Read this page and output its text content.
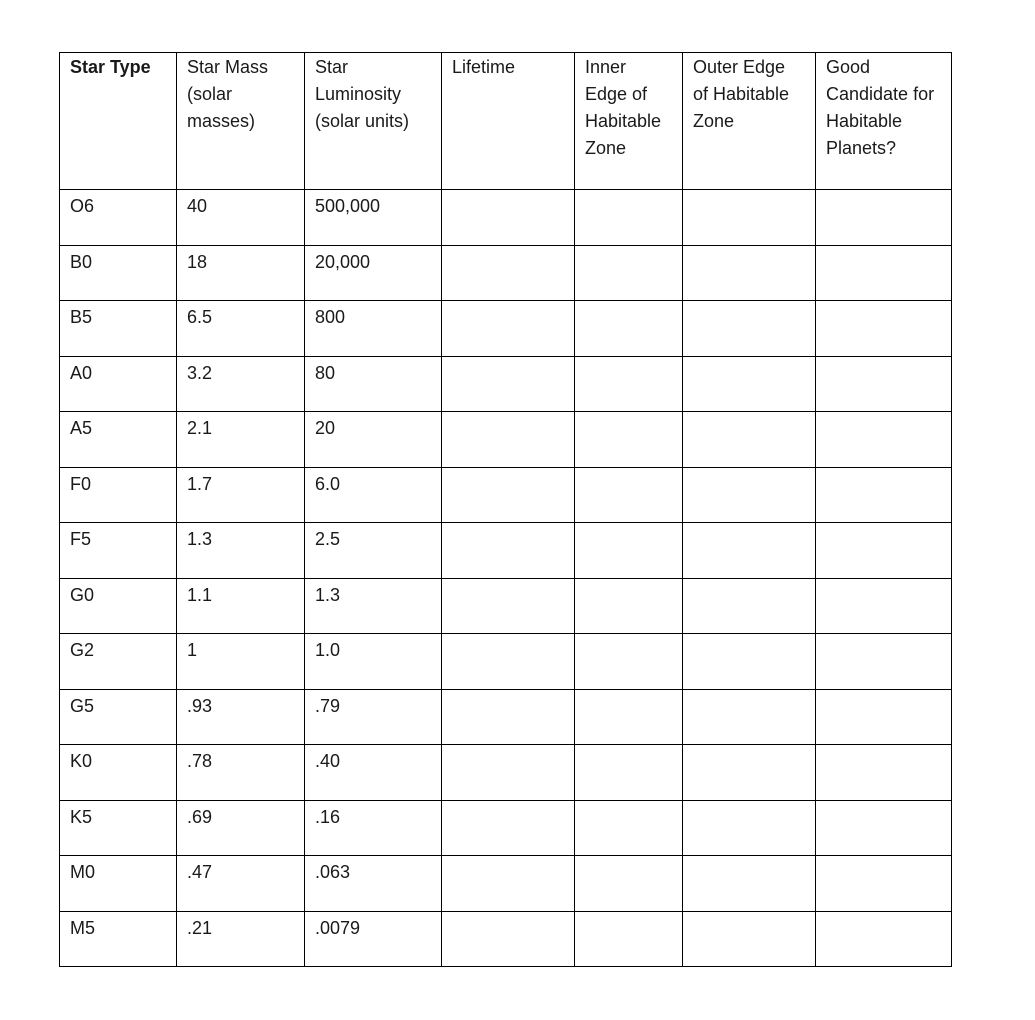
Star Type	Star Mass (solar masses)	Star Luminosity (solar units)	Lifetime	Inner Edge of Habitable Zone	Outer Edge of Habitable Zone	Good Candidate for Habitable Planets?
O6	40	500,000				
B0	18	20,000				
B5	6.5	800				
A0	3.2	80				
A5	2.1	20				
F0	1.7	6.0				
F5	1.3	2.5				
G0	1.1	1.3				
G2	1	1.0				
G5	.93	.79				
K0	.78	.40				
K5	.69	.16				
M0	.47	.063				
M5	.21	.0079				
